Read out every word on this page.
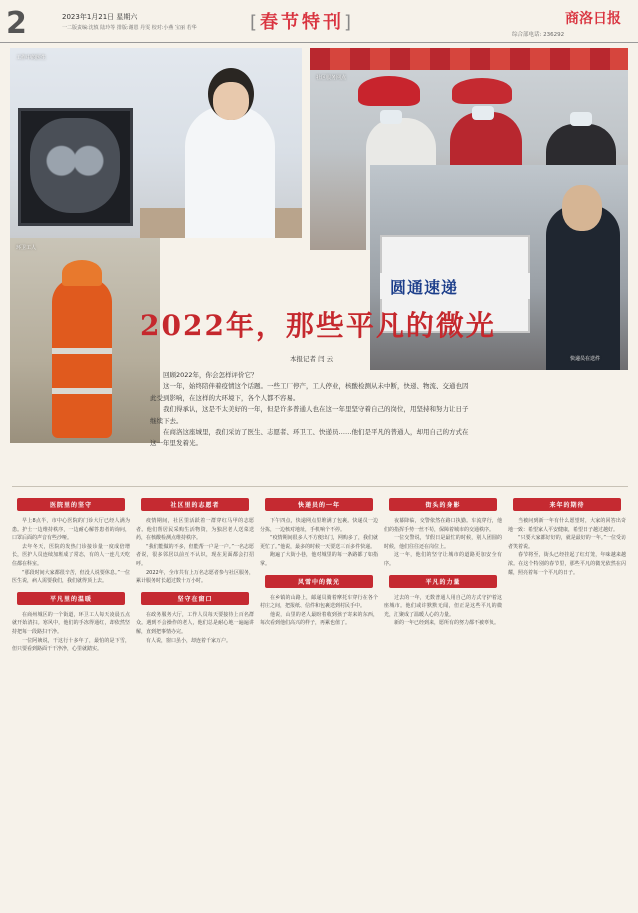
2	2023年1月21日 星期六
一二版责编:沈慎 陆玲等 排版:谢恩 丹雯 校对:小燕 宝丽 若华	[春节特刊]	商洛日报
综合部电话: 236292
工作中的医生
社区服务网点
环卫工人
圆通速递
快递员在送件
2022年，那些平凡的微光
本报记者 闫 云

回顾2022年，你会怎样评价它？

这一年，始终陪伴着疫情这个话题。一些工厂停产，工人停业，核酸检测从未中断，快递、物流、交通也因此受到影响，在这样的大环境下，各个人都不容易。

我们得承认，这是不太美好的一年，但是许多普通人也在这一年里坚守着自己的岗位，用坚持和努力让日子继续下去。

在商洛这座城里，我们采访了医生、志愿者、环卫工、快递员……他们是平凡的普通人，却用自己的方式在这一年里发着光。

医院里的坚守

早上8点半，市中心医院的门诊大厅已经人满为患。护士一边维持秩序，一边耐心解答患者的询问，口罩后面的声音有些沙哑。

去年冬天，医院的发热门诊接诊量一度成倍增长，医护人员连续加班成了常态，有的人一连几天吃住都在科室。

“那段时间大家都很辛苦，但没人说要休息。”一位医生说，病人需要我们，我们就得顶上去。

平凡里的温暖

在商州城区的一个街道，环卫工人每天凌晨五点就开始清扫。寒风中，他们的手冻得通红，却依然坚持把每一段路扫干净。

一位阿姨说，干这行十多年了，最怕的是下雪，但只要看到路面干干净净，心里就踏实。

社区里的志愿者

疫情期间，社区里活跃着一群穿红马甲的志愿者。他们帮居民采购生活物资，为独居老人送菜送药，在核酸检测点维持秩序。

“我们能做的不多，但能帮一户是一户。”一名志愿者说，很多邻居以前互不认识，现在见面都会打招呼。

2022年，全市共有上万名志愿者参与社区服务，累计服务时长超过数十万小时。

坚守在窗口

在政务服务大厅，工作人员每天要接待上百名群众。遇到不会操作的老人，他们总是耐心地一遍遍讲解，直到把事情办完。

有人说，窗口虽小，却连着千家万户。

快递员的一年

下午四点，快递网点里堆满了包裹。快递员一边分拣，一边核对地址，手机响个不停。

“疫情期间很多人不方便出门，网购多了，我们就更忙了。”他说，最多的时候一天要送三百多件快递。

跑遍了大街小巷，他对城里的每一条路都了如指掌。

风雪中的微光

在乡镇的山路上，邮递员骑着摩托车穿行在各个村庄之间，把报纸、信件和包裹送到村民手中。

他说，山里的老人最盼着收到孩子寄来的东西，每次看到他们高兴的样子，再累也值了。

街头的身影

夜幕降临，交警依然在路口执勤。车流穿行，他们的指挥手势一丝不苟，保障着城市的交通秩序。

一位交警说，节假日是最忙的时候，别人团圆的时候，他们往往还在岗位上。

这一年，他们的坚守让城市的道路更加安全有序。

平凡的力量

过去的一年，无数普通人用自己的方式守护着这座城市。他们或许默默无闻，但正是这些平凡的微光，汇聚成了温暖人心的力量。

新的一年已经到来，愿所有的努力都不被辜负。

来年的期待

当被问到新一年有什么愿望时，大家的回答出奇地一致：希望家人平安健康，希望日子越过越好。

“只要大家都好好的，就是最好的一年。”一位受访者笑着说。

春节将至，街头已经挂起了红灯笼，年味越来越浓。在这个特别的春节里，那些平凡的微光依然在闪耀，照亮着每一个平凡的日子。
